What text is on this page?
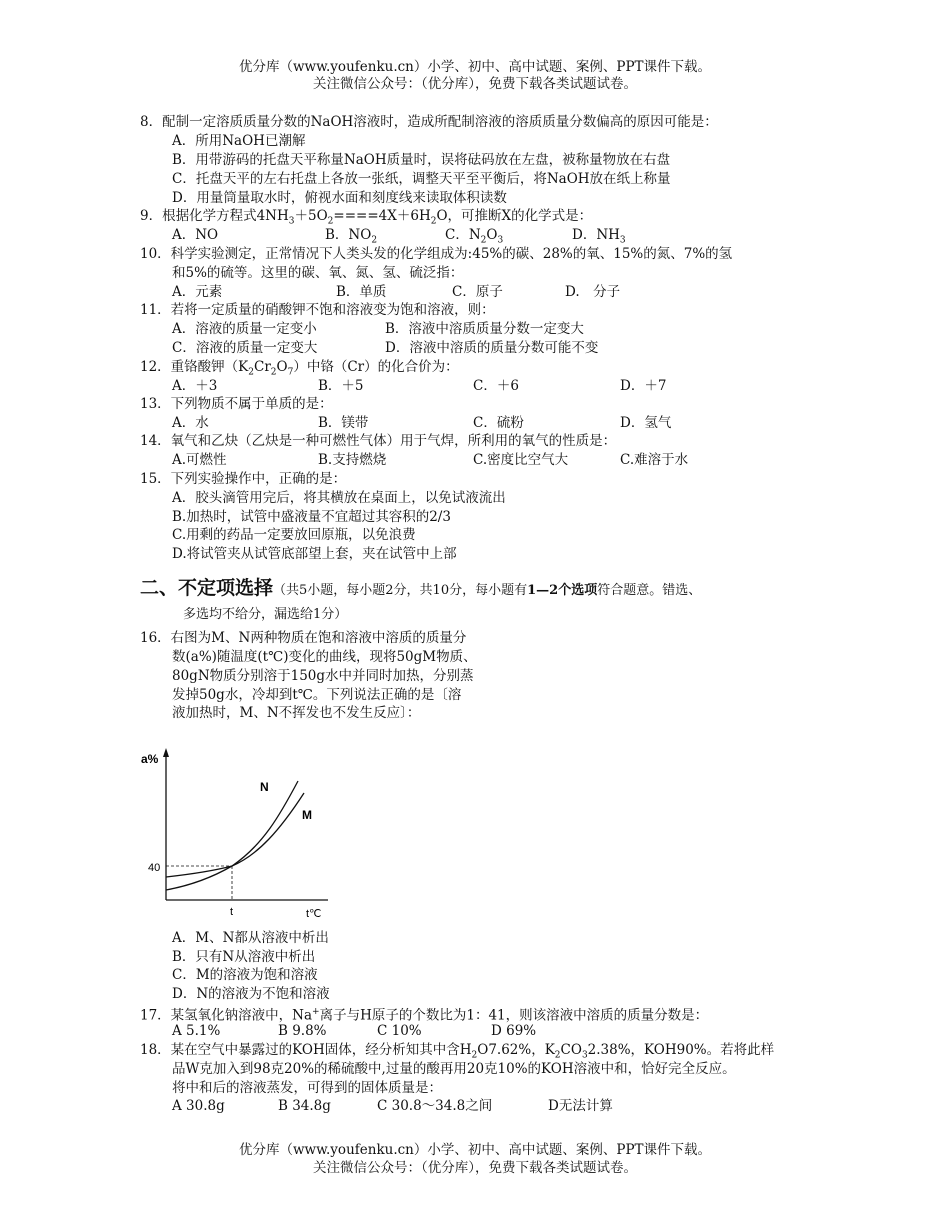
优分库（www.youfenku.cn）小学、初中、高中试题、案例、PPT课件下载。
关注微信公众号：（优分库），免费下载各类试题试卷。
8．配制一定溶质质量分数的NaOH溶液时，造成所配制溶液的溶质质量分数偏高的原因可能是：
A．所用NaOH已潮解
B．用带游码的托盘天平称量NaOH质量时，误将砝码放在左盘，被称量物放在右盘
C．托盘天平的左右托盘上各放一张纸，调整天平至平衡后，将NaOH放在纸上称量
D．用量筒量取水时，俯视水面和刻度线来读取体积读数
9．根据化学方程式$4NH_3+5O_2====4X+6H_2O$，可推断X的化学式是：
A．NO	B．$NO_2$	C．$N_2O_3$	D．$NH_3$
10．科学实验测定，正常情况下人类头发的化学组成为:45%的碳、28%的氧、15%的氮、7%的氢
和5%的硫等。这里的碳、氧、氮、氢、硫泛指：
A．元素	B．单质	C．原子	D.　分子
11．若将一定质量的硝酸钾不饱和溶液变为饱和溶液，则：
A．溶液的质量一定变小	B．溶液中溶质质量分数一定变大
C．溶液的质量一定变大	D．溶液中溶质的质量分数可能不变
12．重铬酸钾$(K_2Cr_2O_7)$中铬（Cr）的化合价为：
A．＋3	B．＋5	C．＋6	D．＋7
13．下列物质不属于单质的是：
A．水	B．镁带	C．硫粉	D．氢气
14．氧气和乙炔（乙炔是一种可燃性气体）用于气焊，所利用的氧气的性质是：
A.可燃性	B.支持燃烧	C.密度比空气大	C.难溶于水
15．下列实验操作中，正确的是：
A．胶头滴管用完后，将其横放在桌面上，以免试液流出
B.加热时，试管中盛液量不宜超过其容积的2/3
C.用剩的药品一定要放回原瓶，以免浪费
D.将试管夹从试管底部望上套，夹在试管中上部
二、不定项选择（共5小题，每小题2分，共10分，每小题有1—2个选项符合题意。错选、
多选均不给分，漏选给1分）
16．右图为M、N两种物质在饱和溶液中溶质的质量分
数(a%)随温度(t℃)变化的曲线，现将50gM物质、
80gN物质分别溶于150g水中并同时加热，分别蒸
发掉50g水，冷却到t℃。下列说法正确的是〔溶
液加热时，M、N不挥发也不发生反应〕：
a%
t℃
40
t
N
M
A．M、N都从溶液中析出
B．只有N从溶液中析出
C．M的溶液为饱和溶液
D．N的溶液为不饱和溶液
17．某氢氧化钠溶液中，Na+离子与H原子的个数比为1：41，则该溶液中溶质的质量分数是：
A 5.1%	B 9.8%	C 10%	D 69%
18．某在空气中暴露过的KOH固体，经分析知其中含$H_2O7.62\%$，$K_2CO_32.38\%$，KOH90%。若将此样
品W克加入到98克20%的稀硫酸中,过量的酸再用20克10%的KOH溶液中和，恰好完全反应。
将中和后的溶液蒸发，可得到的固体质量是：
A 30.8g	B 34.8g	C 30.8～34.8之间	D无法计算
优分库（www.youfenku.cn）小学、初中、高中试题、案例、PPT课件下载。
关注微信公众号：（优分库），免费下载各类试题试卷。
